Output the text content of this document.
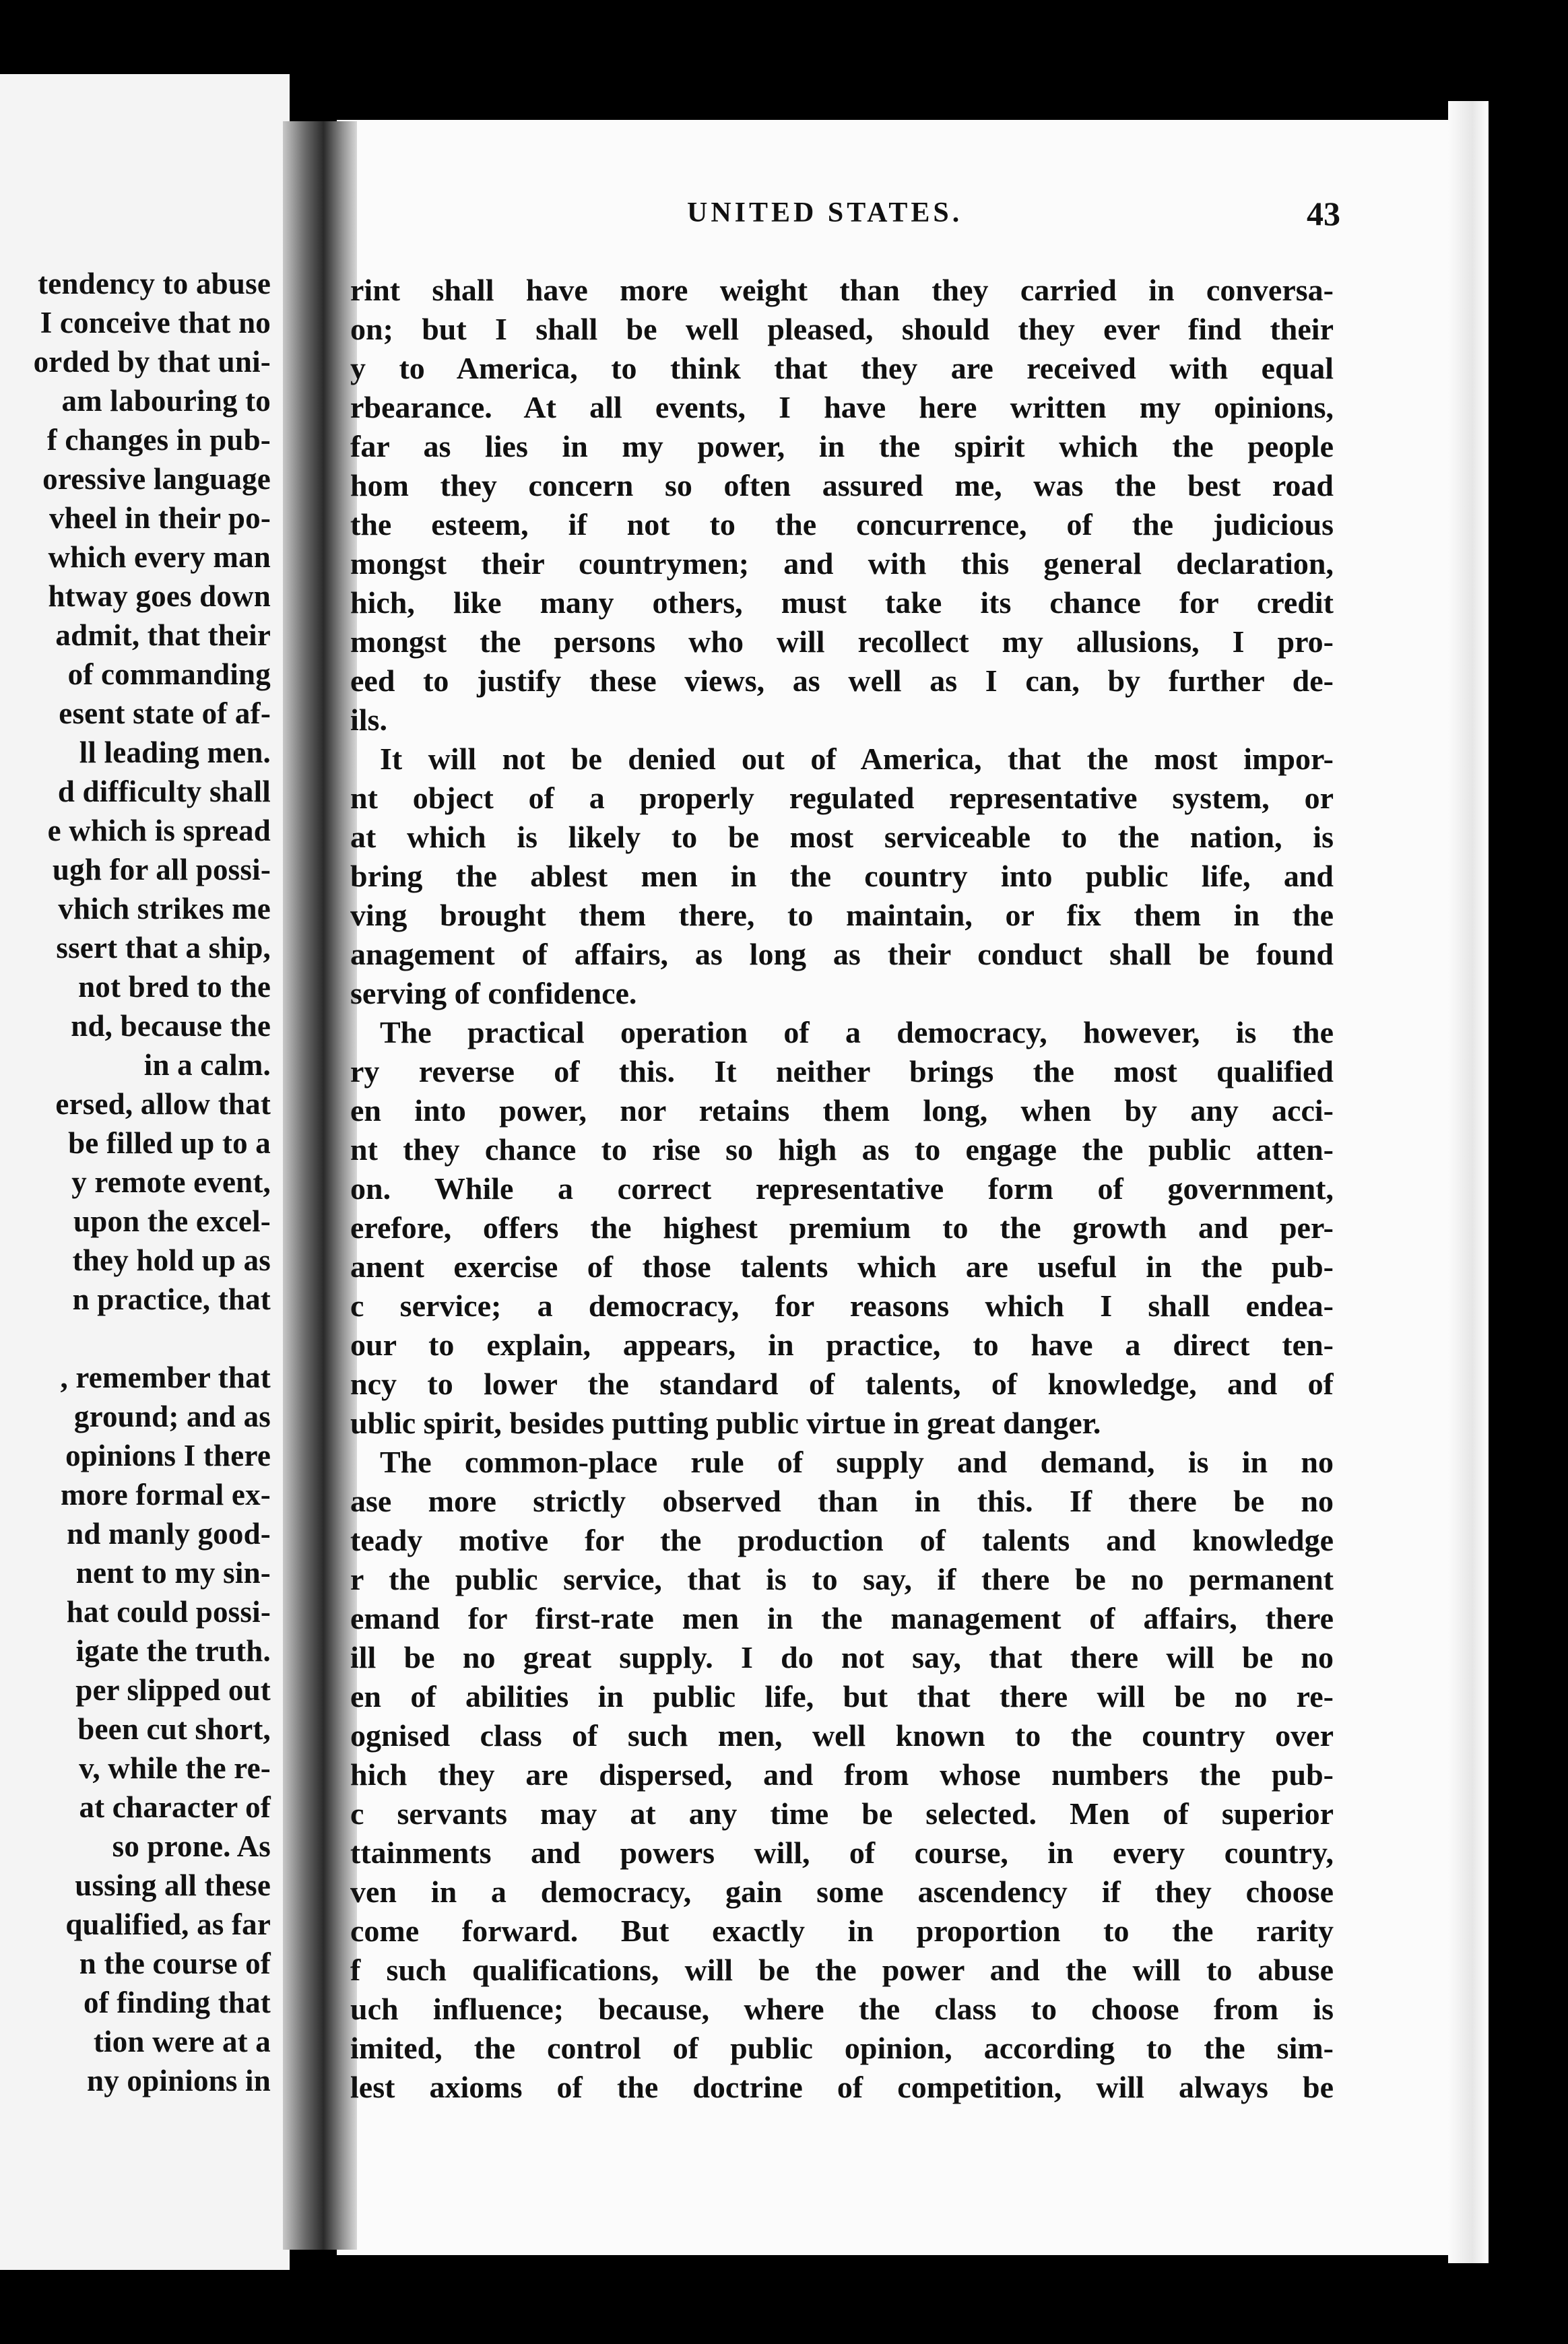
tendency to abuse
I conceive that no
orded by that uni-
am labouring to
f changes in pub-
oressive language
vheel in their po-
which every man
htway goes down
admit, that their
of commanding
esent state of af-
ll leading men.
d difficulty shall
e which is spread
ugh for all possi-
vhich strikes me
ssert that a ship,
not bred to the
nd, because the
in a calm.
ersed, allow that
be filled up to a
y remote event,
upon the excel-
they hold up as
n practice, that
, remember that
ground; and as
opinions I there
more formal ex-
nd manly good-
nent to my sin-
hat could possi-
igate the truth.
per slipped out
been cut short,
v, while the re-
at character of
so prone. As
ussing all these
qualified, as far
n the course of
of finding that
tion were at a
ny opinions in
UNITED STATES.	43
rint shall have more weight than they carried in conversa-
on; but I shall be well pleased, should they ever find their
y to America, to think that they are received with equal
rbearance. At all events, I have here written my opinions,
far as lies in my power, in the spirit which the people
hom they concern so often assured me, was the best road
the esteem, if not to the concurrence, of the judicious
mongst their countrymen; and with this general declaration,
hich, like many others, must take its chance for credit
mongst the persons who will recollect my allusions, I pro-
eed to justify these views, as well as I can, by further de-
ils.
It will not be denied out of America, that the most impor-
nt object of a properly regulated representative system, or
at which is likely to be most serviceable to the nation, is
bring the ablest men in the country into public life, and
ving brought them there, to maintain, or fix them in the
anagement of affairs, as long as their conduct shall be found
serving of confidence.
The practical operation of a democracy, however, is the
ry reverse of this. It neither brings the most qualified
en into power, nor retains them long, when by any acci-
nt they chance to rise so high as to engage the public atten-
on. While a correct representative form of government,
erefore, offers the highest premium to the growth and per-
anent exercise of those talents which are useful in the pub-
c service; a democracy, for reasons which I shall endea-
our to explain, appears, in practice, to have a direct ten-
ncy to lower the standard of talents, of knowledge, and of
ublic spirit, besides putting public virtue in great danger.
The common-place rule of supply and demand, is in no
ase more strictly observed than in this. If there be no
teady motive for the production of talents and knowledge
r the public service, that is to say, if there be no permanent
emand for first-rate men in the management of affairs, there
ill be no great supply. I do not say, that there will be no
en of abilities in public life, but that there will be no re-
ognised class of such men, well known to the country over
hich they are dispersed, and from whose numbers the pub-
c servants may at any time be selected. Men of superior
ttainments and powers will, of course, in every country,
ven in a democracy, gain some ascendency if they choose
come forward. But exactly in proportion to the rarity
f such qualifications, will be the power and the will to abuse
uch influence; because, where the class to choose from is
imited, the control of public opinion, according to the sim-
lest axioms of the doctrine of competition, will always be
